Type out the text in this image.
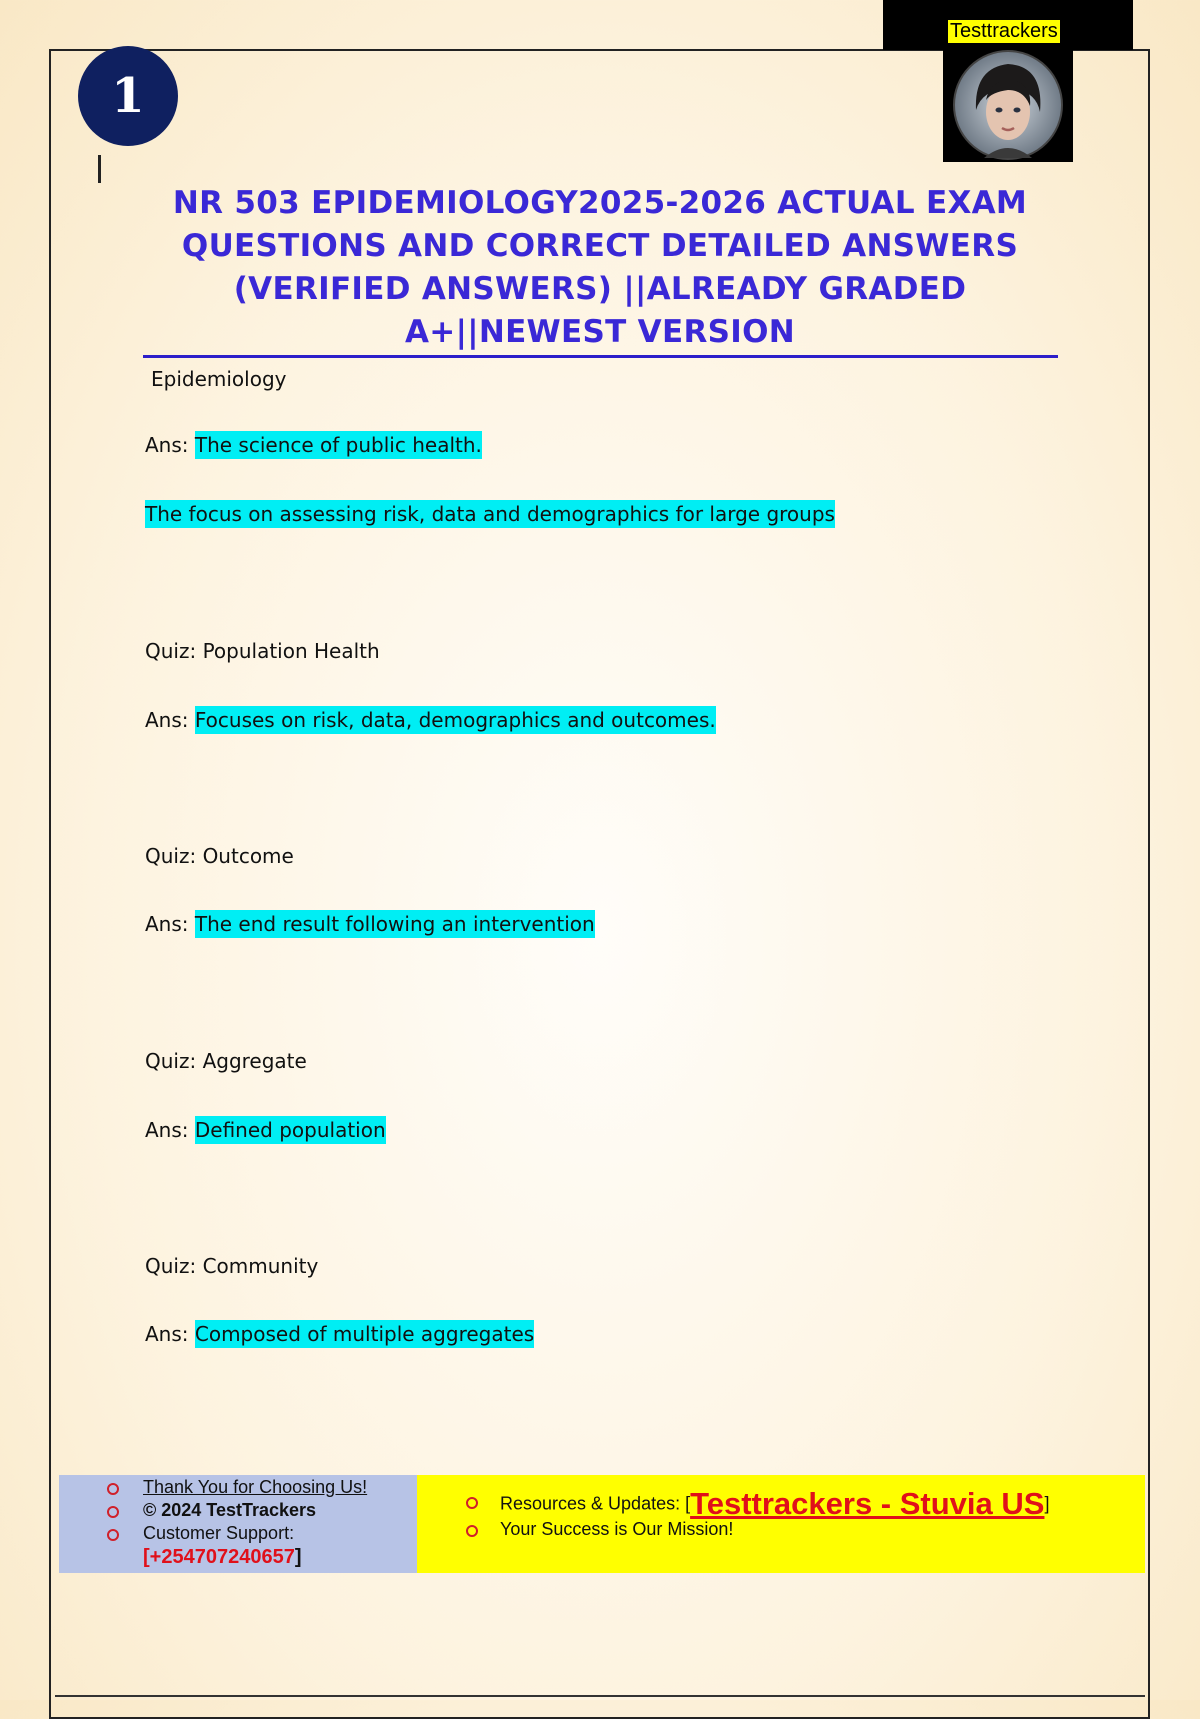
1
Testtrackers
NR 503 EPIDEMIOLOGY2025-2026 ACTUAL EXAM QUESTIONS AND CORRECT DETAILED ANSWERS (VERIFIED ANSWERS) ||ALREADY GRADED A+||NEWEST VERSION
Epidemiology
Ans: The science of public health.
The focus on assessing risk, data and demographics for large groups
Quiz: Population Health
Ans: Focuses on risk, data, demographics and outcomes.
Quiz: Outcome
Ans: The end result following an intervention
Quiz: Aggregate
Ans: Defined population
Quiz: Community
Ans: Composed of multiple aggregates
Thank You for Choosing Us!
© 2024 TestTrackers
Customer Support:
[+254707240657]
Resources & Updates: [Testtrackers - Stuvia US]
Your Success is Our Mission!
